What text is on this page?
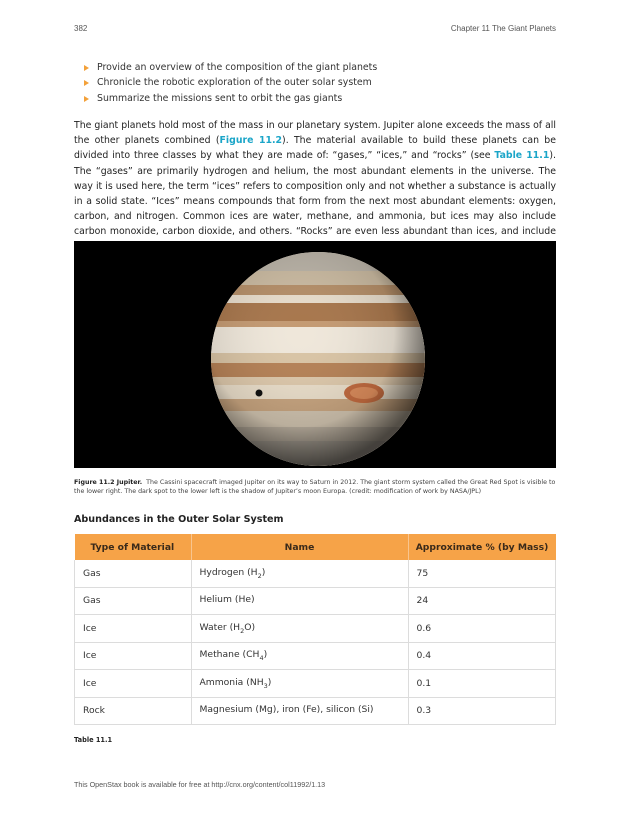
382	Chapter 11 The Giant Planets
Provide an overview of the composition of the giant planets
Chronicle the robotic exploration of the outer solar system
Summarize the missions sent to orbit the gas giants

The giant planets hold most of the mass in our planetary system. Jupiter alone exceeds the mass of all the other planets combined (Figure 11.2). The material available to build these planets can be divided into three classes by what they are made of: “gases,” “ices,” and “rocks” (see Table 11.1). The “gases” are primarily hydrogen and helium, the most abundant elements in the universe. The way it is used here, the term “ices” refers to composition only and not whether a substance is actually in a solid state. “Ices” means compounds that form from the next most abundant elements: oxygen, carbon, and nitrogen. Common ices are water, methane, and ammonia, but ices may also include carbon monoxide, carbon dioxide, and others. “Rocks” are even less abundant than ices, and include

Figure 11.2 Jupiter. The Cassini spacecraft imaged Jupiter on its way to Saturn in 2012. The giant storm system called the Great Red Spot is visible to the lower right. The dark spot to the lower left is the shadow of Jupiter’s moon Europa. (credit: modification of work by NASA/JPL)

Abundances in the Outer Solar System

Type of Material	Name	Approximate % (by Mass)
Gas	Hydrogen $(H_2)$	75
Gas	Helium (He)	24
Ice	Water $(H_2O)$	0.6
Ice	Methane $(CH_4)$	0.4
Ice	Ammonia $(NH_3)$	0.1
Rock	Magnesium (Mg), iron (Fe), silicon (Si)	0.3

Table 11.1

This OpenStax book is available for free at http://cnx.org/content/col11992/1.13
